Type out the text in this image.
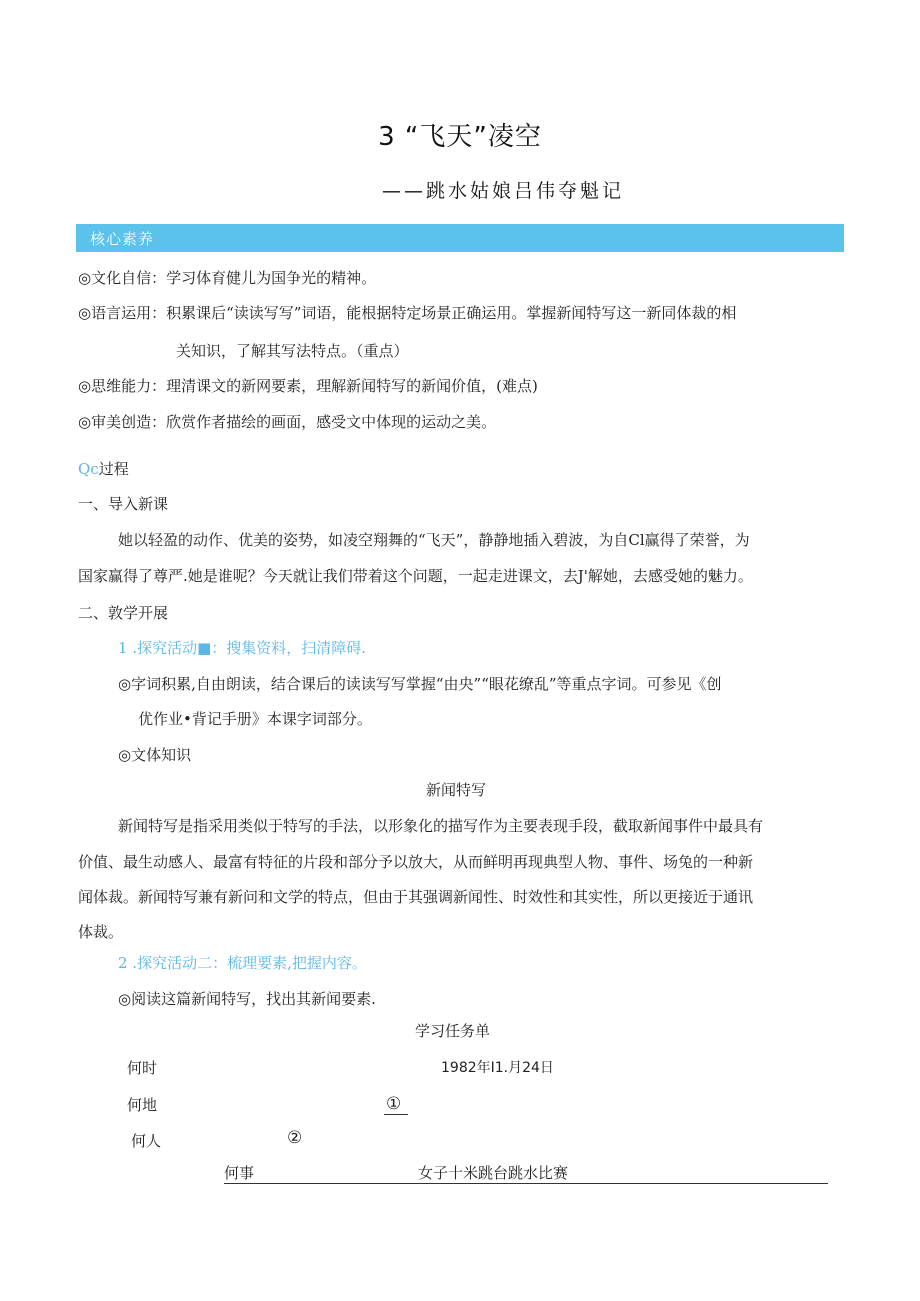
3 “飞天”凌空
——跳水姑娘吕伟夺魁记
核心素养
◎文化自信：学习体育健儿为国争光的精神。
◎语言运用：积累课后“读读写写”词语，能根据特定场景正确运用。掌握新闻特写这一新同体裁的相
关知识，了解其写法特点。（重点）
◎思维能力：理清课文的新网要素，理解新闻特写的新闻价值，(难点)
◎审美创造：欣赏作者描绘的画面，感受文中体现的运动之美。
Qc过程
一、导入新课
她以轻盈的动作、优美的姿势，如凌空翔舞的“飞天”，静静地插入碧波，为自Cl赢得了荣誉，为
国家赢得了尊严.她是谁呢？今天就让我们带着这个问题，一起走进课文，去J'解她，去感受她的魅力。
二、敦学开展
1 .探究活动■：搜集资料，扫清障碍.
◎字词积累,自由朗读，结合课后的读读写写掌握“由央”“眼花缭乱”等重点字词。可参见《创
优作业•背记手册》本课字词部分。
◎文体知识
新闻特写
新闻特写是指采用类似于特写的手法，以形象化的描写作为主要表现手段，截取新闻事件中最具有
价值、最生动感人、最富有特征的片段和部分予以放大，从而鲜明再现典型人物、事件、场兔的一种新
闻体裁。新闻特写兼有新问和文学的特点，但由于其强调新闻性、时效性和其实性，所以更接近于通讯
体裁。
2 .探究活动二：梳理要素,把握内容。
◎阅读这篇新闻特写，找出其新闻要素.
学习任务单
何时	1982年I1.月24日
何地	①
何人	②
何事	女子十米跳台跳水比赛
